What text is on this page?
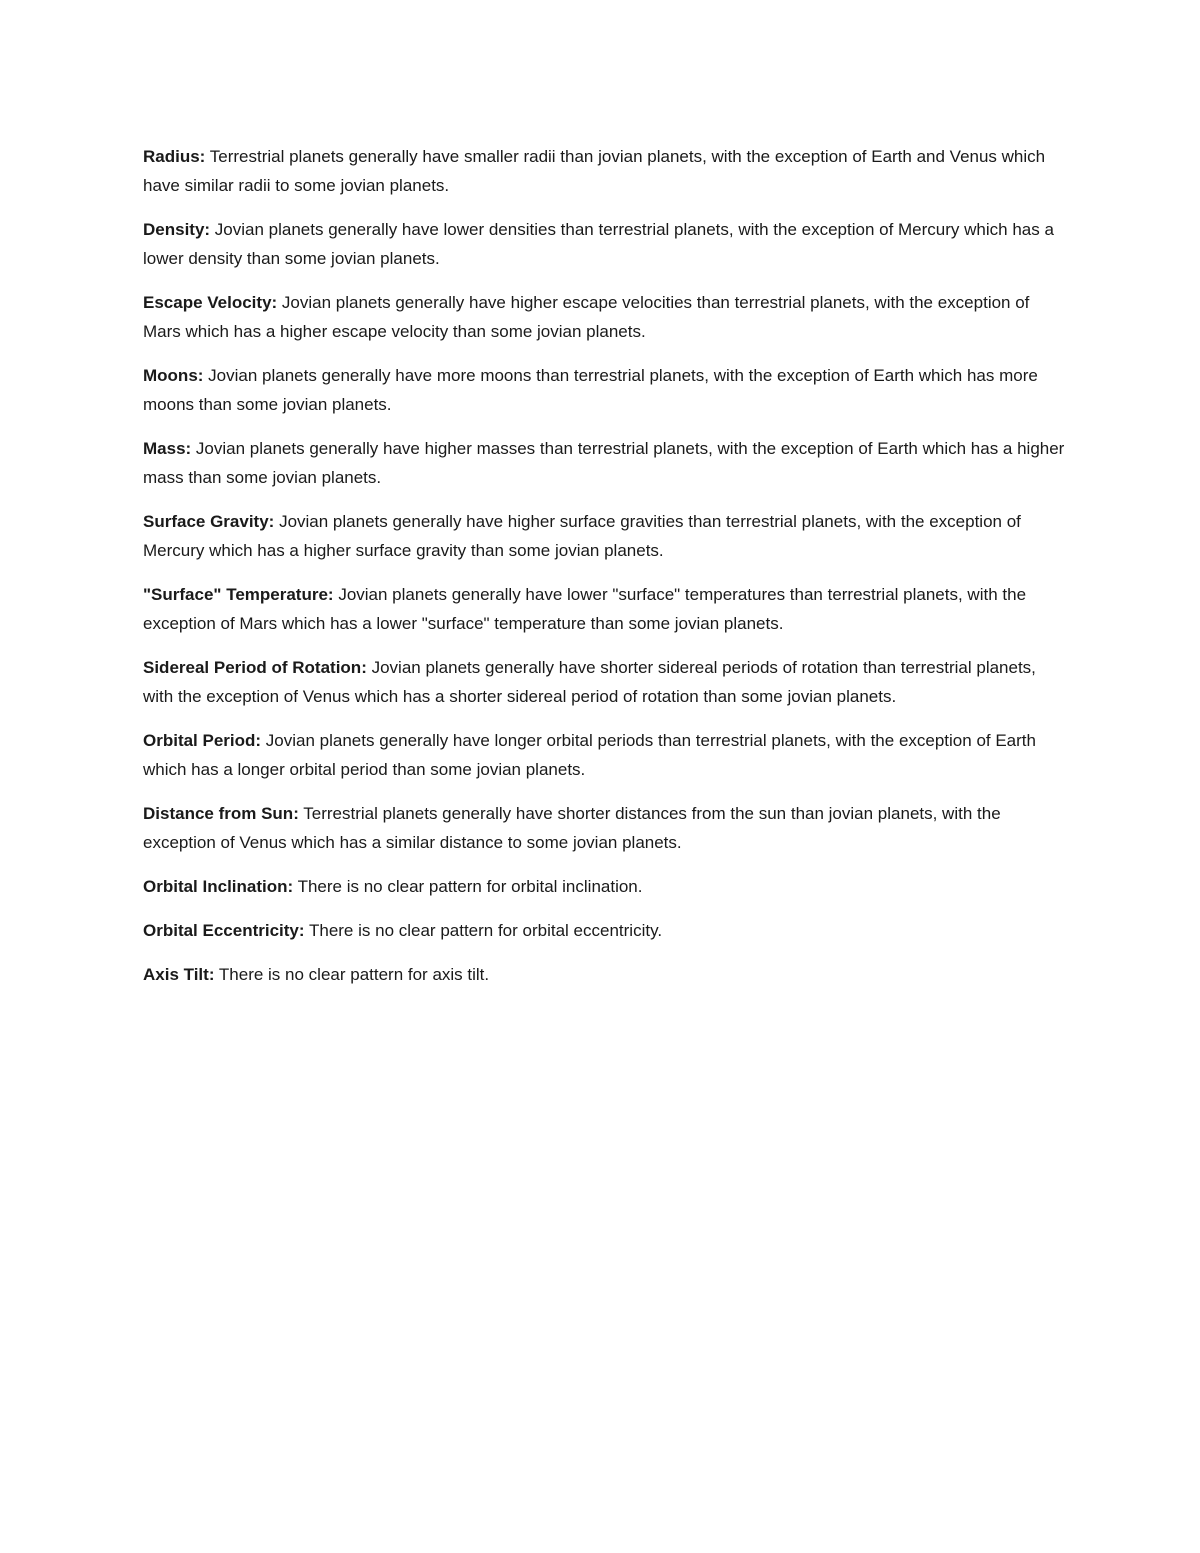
Radius: Terrestrial planets generally have smaller radii than jovian planets, with the exception of Earth and Venus which have similar radii to some jovian planets.

Density: Jovian planets generally have lower densities than terrestrial planets, with the exception of Mercury which has a lower density than some jovian planets.

Escape Velocity: Jovian planets generally have higher escape velocities than terrestrial planets, with the exception of Mars which has a higher escape velocity than some jovian planets.

Moons: Jovian planets generally have more moons than terrestrial planets, with the exception of Earth which has more moons than some jovian planets.

Mass: Jovian planets generally have higher masses than terrestrial planets, with the exception of Earth which has a higher mass than some jovian planets.

Surface Gravity: Jovian planets generally have higher surface gravities than terrestrial planets, with the exception of Mercury which has a higher surface gravity than some jovian planets.

"Surface" Temperature: Jovian planets generally have lower "surface" temperatures than terrestrial planets, with the exception of Mars which has a lower "surface" temperature than some jovian planets.

Sidereal Period of Rotation: Jovian planets generally have shorter sidereal periods of rotation than terrestrial planets, with the exception of Venus which has a shorter sidereal period of rotation than some jovian planets.

Orbital Period: Jovian planets generally have longer orbital periods than terrestrial planets, with the exception of Earth which has a longer orbital period than some jovian planets.

Distance from Sun: Terrestrial planets generally have shorter distances from the sun than jovian planets, with the exception of Venus which has a similar distance to some jovian planets.

Orbital Inclination: There is no clear pattern for orbital inclination.

Orbital Eccentricity: There is no clear pattern for orbital eccentricity.

Axis Tilt: There is no clear pattern for axis tilt.
